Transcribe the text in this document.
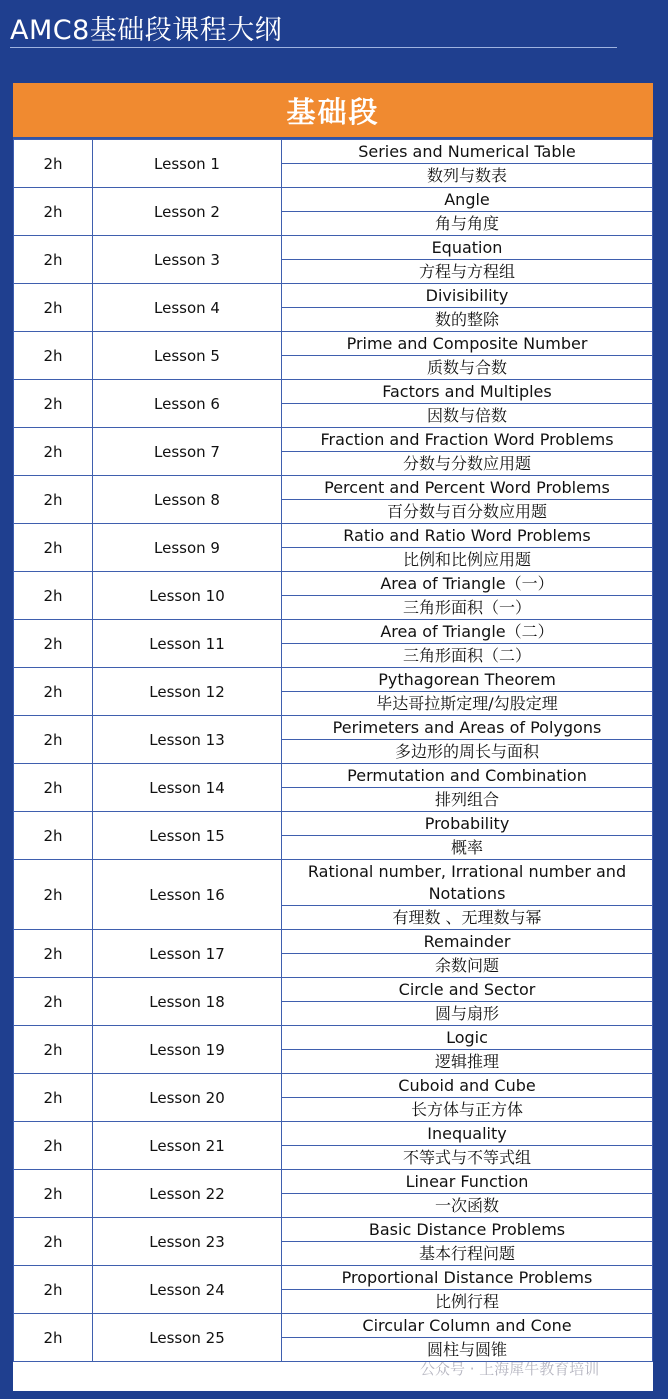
AMC8基础段课程大纲
基础段
2h	Lesson 1	Series and Numerical Table
		数列与数表
2h	Lesson 2	Angle
		角与角度
2h	Lesson 3	Equation
		方程与方程组
2h	Lesson 4	Divisibility
		数的整除
2h	Lesson 5	Prime and Composite Number
		质数与合数
2h	Lesson 6	Factors and Multiples
		因数与倍数
2h	Lesson 7	Fraction and Fraction Word Problems
		分数与分数应用题
2h	Lesson 8	Percent and Percent Word Problems
		百分数与百分数应用题
2h	Lesson 9	Ratio and Ratio Word Problems
		比例和比例应用题
2h	Lesson 10	Area of Triangle（一）
		三角形面积（一）
2h	Lesson 11	Area of Triangle（二）
		三角形面积（二）
2h	Lesson 12	Pythagorean Theorem
		毕达哥拉斯定理/勾股定理
2h	Lesson 13	Perimeters and Areas of Polygons
		多边形的周长与面积
2h	Lesson 14	Permutation and Combination
		排列组合
2h	Lesson 15	Probability
		概率
2h	Lesson 16	Rational number, Irrational number and Notations
		有理数 、无理数与幂
2h	Lesson 17	Remainder
		余数问题
2h	Lesson 18	Circle and Sector
		圆与扇形
2h	Lesson 19	Logic
		逻辑推理
2h	Lesson 20	Cuboid and Cube
		长方体与正方体
2h	Lesson 21	Inequality
		不等式与不等式组
2h	Lesson 22	Linear Function
		一次函数
2h	Lesson 23	Basic Distance Problems
		基本行程问题
2h	Lesson 24	Proportional Distance Problems
		比例行程
2h	Lesson 25	Circular Column and Cone
		圆柱与圆锥
公众号 · 上海犀牛教育培训
